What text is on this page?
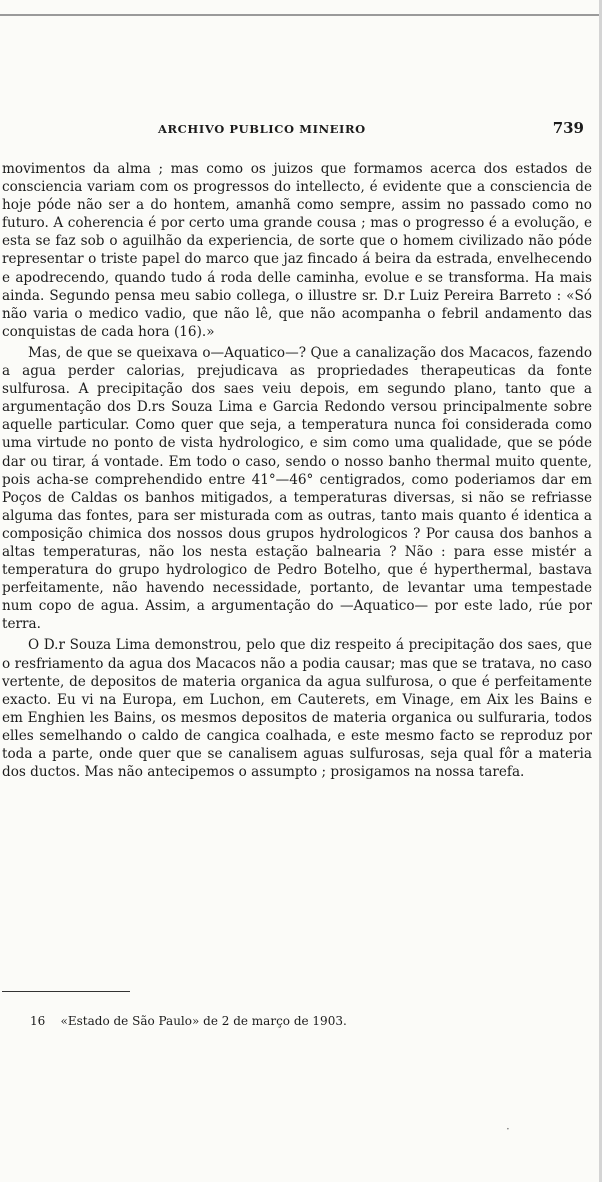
ARCHIVO PUBLICO MINEIRO	739

movimentos da alma ; mas como os juizos que formamos acerca dos estados de consciencia variam com os progressos do intellecto, é evidente que a consciencia de hoje póde não ser a do hontem, amanhã como sempre, assim no passado como no futuro. A coherencia é por certo uma grande cousa ; mas o progresso é a evolução, e esta se faz sob o aguilhão da experiencia, de sorte que o homem civilizado não póde representar o triste papel do marco que jaz fincado á beira da estrada, envelhecendo e apodrecendo, quando tudo á roda delle caminha, evolue e se transforma. Ha mais ainda. Segundo pensa meu sabio collega, o illustre sr. D.r Luiz Pereira Barreto : «Só não varia o medico vadio, que não lê, que não acompanha o febril andamento das conquistas de cada hora (16).»

Mas, de que se queixava o—Aquatico—? Que a canalização dos Macacos, fazendo a agua perder calorias, prejudicava as propriedades therapeuticas da fonte sulfurosa. A precipitação dos saes veiu depois, em segundo plano, tanto que a argumentação dos D.rs Souza Lima e Garcia Redondo versou principalmente sobre aquelle particular. Como quer que seja, a temperatura nunca foi considerada como uma virtude no ponto de vista hydrologico, e sim como uma qualidade, que se póde dar ou tirar, á vontade. Em todo o caso, sendo o nosso banho thermal muito quente, pois acha-se comprehendido entre 41°—46° centigrados, como poderiamos dar em Poços de Caldas os banhos mitigados, a temperaturas diversas, si não se refriasse alguma das fontes, para ser misturada com as outras, tanto mais quanto é identica a composição chimica dos nossos dous grupos hydrologicos ? Por causa dos banhos a altas temperaturas, não los nesta estação balnearia ? Não : para esse mistér a temperatura do grupo hydrologico de Pedro Botelho, que é hyperthermal, bastava perfeitamente, não havendo necessidade, portanto, de levantar uma tempestade num copo de agua. Assim, a argumentação do —Aquatico— por este lado, rúe por terra.

O D.r Souza Lima demonstrou, pelo que diz respeito á precipitação dos saes, que o resfriamento da agua dos Macacos não a podia causar; mas que se tratava, no caso vertente, de depositos de materia organica da agua sulfurosa, o que é perfeitamente exacto. Eu vi na Europa, em Luchon, em Cauterets, em Vinage, em Aix les Bains e em Enghien les Bains, os mesmos depositos de materia organica ou sulfuraria, todos elles semelhando o caldo de cangica coalhada, e este mesmo facto se reproduz por toda a parte, onde quer que se canalisem aguas sulfurosas, seja qual fôr a materia dos ductos. Mas não antecipemos o assumpto ; prosigamos na nossa tarefa.

16 «Estado de São Paulo» de 2 de março de 1903.
·
